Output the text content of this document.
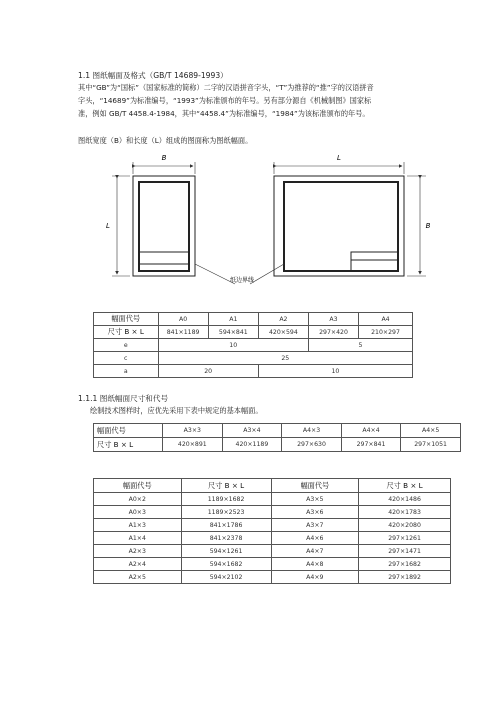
1.1 图纸幅面及格式（GB/T 14689-1993）
其中“GB”为“国标”（国家标准的简称）二字的汉语拼音字头，“T”为推荐的“推”字的汉语拼音
字头，“14689”为标准编号，“1993”为标准颁布的年号。另有部分源自《机械制图》国家标
准，例如 GB/T 4458.4-1984，其中“4458.4”为标准编号，“1984”为该标准颁布的年号。
图纸宽度（B）和长度（L）组成的图面称为图纸幅面。
B
L
L
B
纸边界线
幅面代号	A0	A1	A2	A3	A4
尺寸 B × L	841×1189	594×841	420×594	297×420	210×297
e	10			5	
c	25				
a	20		10		
1.1.1 图纸幅面尺寸和代号
绘制技术图样时，应优先采用下表中规定的基本幅面。
幅面代号	A3×3	A3×4	A4×3	A4×4	A4×5
尺寸 B × L	420×891	420×1189	297×630	297×841	297×1051
幅面代号	尺寸 B × L	幅面代号	尺寸 B × L
A0×2	1189×1682	A3×5	420×1486
A0×3	1189×2523	A3×6	420×1783
A1×3	841×1786	A3×7	420×2080
A1×4	841×2378	A4×6	297×1261
A2×3	594×1261	A4×7	297×1471
A2×4	594×1682	A4×8	297×1682
A2×5	594×2102	A4×9	297×1892
